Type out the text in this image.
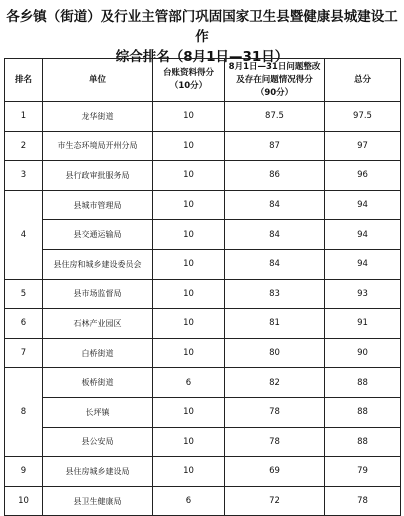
各乡镇（街道）及行业主管部门巩固国家卫生县暨健康县城建设工作
综合排名（8月1日—31日）
排名	单位	台账资料得分（10分）	8月1日—31日问题整改及存在问题情况得分（90分）	总分
1	龙华街道	10	87.5	97.5
2	市生态环境局开州分局	10	87	97
3	县行政审批服务局	10	86	96
4	县城市管理局	10	84	94
	县交通运输局	10	84	94
	县住房和城乡建设委员会	10	84	94
5	县市场监督局	10	83	93
6	石林产业园区	10	81	91
7	白桥街道	10	80	90
8	板桥街道	6	82	88
	长坪镇	10	78	88
	县公安局	10	78	88
9	县住房城乡建设局	10	69	79
10	县卫生健康局	6	72	78
